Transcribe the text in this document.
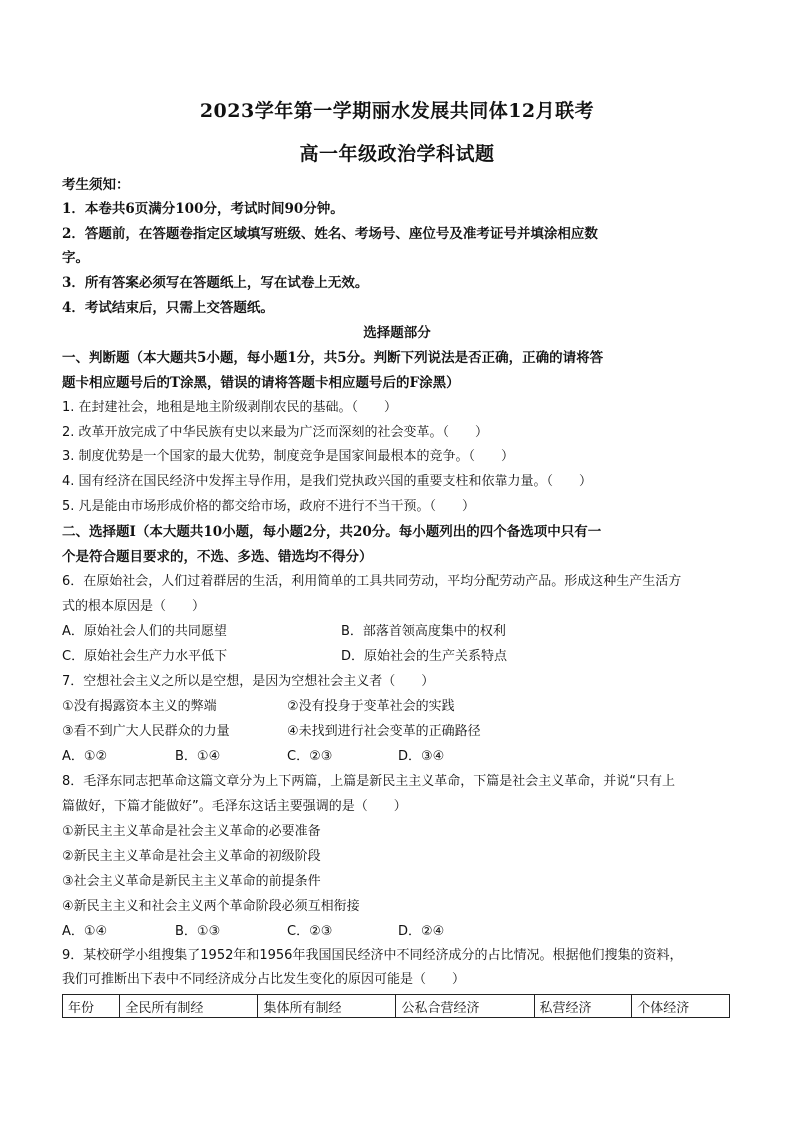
2023学年第一学期丽水发展共同体12月联考
高一年级政治学科试题
考生须知：
1．本卷共6页满分100分，考试时间90分钟。
2．答题前，在答题卷指定区域填写班级、姓名、考场号、座位号及准考证号并填涂相应数
字。
3．所有答案必须写在答题纸上，写在试卷上无效。
4．考试结束后，只需上交答题纸。
选择题部分
一、判断题（本大题共5小题，每小题1分，共5分。判断下列说法是否正确，正确的请将答
题卡相应题号后的T涂黑，错误的请将答题卡相应题号后的F涂黑）
1. 在封建社会，地租是地主阶级剥削农民的基础。（　　）
2. 改革开放完成了中华民族有史以来最为广泛而深刻的社会变革。（　　）
3. 制度优势是一个国家的最大优势，制度竞争是国家间最根本的竞争。（　　）
4. 国有经济在国民经济中发挥主导作用，是我们党执政兴国的重要支柱和依靠力量。（　　）
5. 凡是能由市场形成价格的都交给市场，政府不进行不当干预。（　　）
二、选择题Ⅰ（本大题共10小题，每小题2分，共20分。每小题列出的四个备选项中只有一
个是符合题目要求的，不选、多选、错选均不得分）
6．在原始社会，人们过着群居的生活，利用简单的工具共同劳动，平均分配劳动产品。形成这种生产生活方
式的根本原因是（　　）
A．原始社会人们的共同愿望	B．部落首领高度集中的权利
C．原始社会生产力水平低下	D．原始社会的生产关系特点
7．空想社会主义之所以是空想，是因为空想社会主义者（　　）
①没有揭露资本主义的弊端	②没有投身于变革社会的实践
③看不到广大人民群众的力量	④未找到进行社会变革的正确路径
A．①②	B．①④	C．②③	D．③④
8．毛泽东同志把革命这篇文章分为上下两篇，上篇是新民主主义革命，下篇是社会主义革命，并说“只有上
篇做好，下篇才能做好”。毛泽东这话主要强调的是（　　）
①新民主主义革命是社会主义革命的必要准备
②新民主主义革命是社会主义革命的初级阶段
③社会主义革命是新民主主义革命的前提条件
④新民主主义和社会主义两个革命阶段必须互相衔接
A．①④	B．①③	C．②③	D．②④
9．某校研学小组搜集了1952年和1956年我国国民经济中不同经济成分的占比情况。根据他们搜集的资料，
我们可推断出下表中不同经济成分占比发生变化的原因可能是（　　）
年份	全民所有制经	集体所有制经	公私合营经济	私营经济	个体经济
